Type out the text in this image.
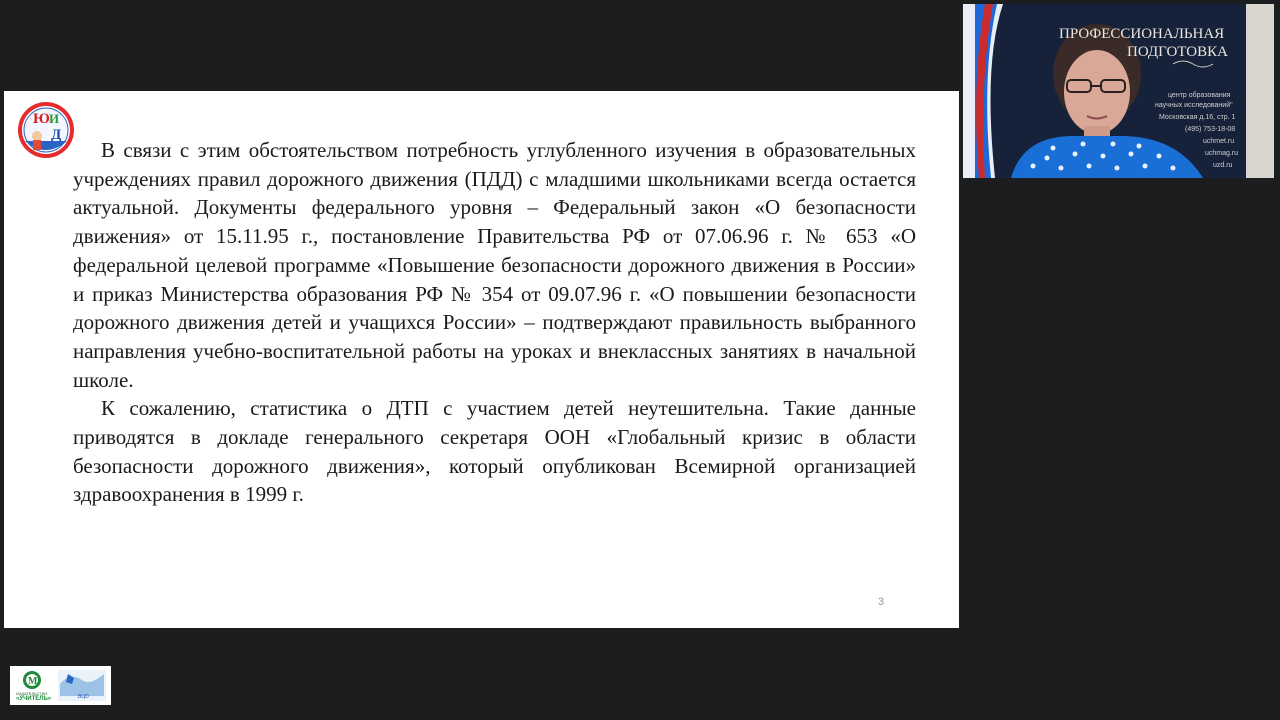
Ю И
Д

В связи с этим обстоятельством потребность углубленного изучения в образовательных учреждениях правил дорожного движения (ПДД) с младшими школьниками всегда остается актуальной. Документы федерального уровня – Федеральный закон «О безопасности движения» от 15.11.95 г., постановление Правительства РФ от 07.06.96 г. № 653 «О федеральной целевой программе «Повышение безопасности дорожного движения в России» и приказ Министерства образования РФ № 354 от 09.07.96 г. «О повышении безопасности дорожного движения детей и учащихся России» – подтверждают правильность выбранного направления учебно-воспитательной работы на уроках и внеклассных занятиях в начальной школе.

К сожалению, статистика о ДТП с участием детей неутешительна. Такие данные приводятся в докладе генерального секретаря ООН «Глобальный кризис в области безопасности дорожного движения», который опубликован Всемирной организацией здравоохранения в 1999 г.

3
ПРОФЕССИОНАЛЬНАЯ
ПОДГОТОВКА
центр образования
научных исследований"
Московская д.16, стр. 1
(495) 753-18-08
uchmet.ru
uchmag.ru
uzd.ru
М
ИЗДАТЕЛЬСТВО
«УЧИТЕЛЬ»	ВЦО
